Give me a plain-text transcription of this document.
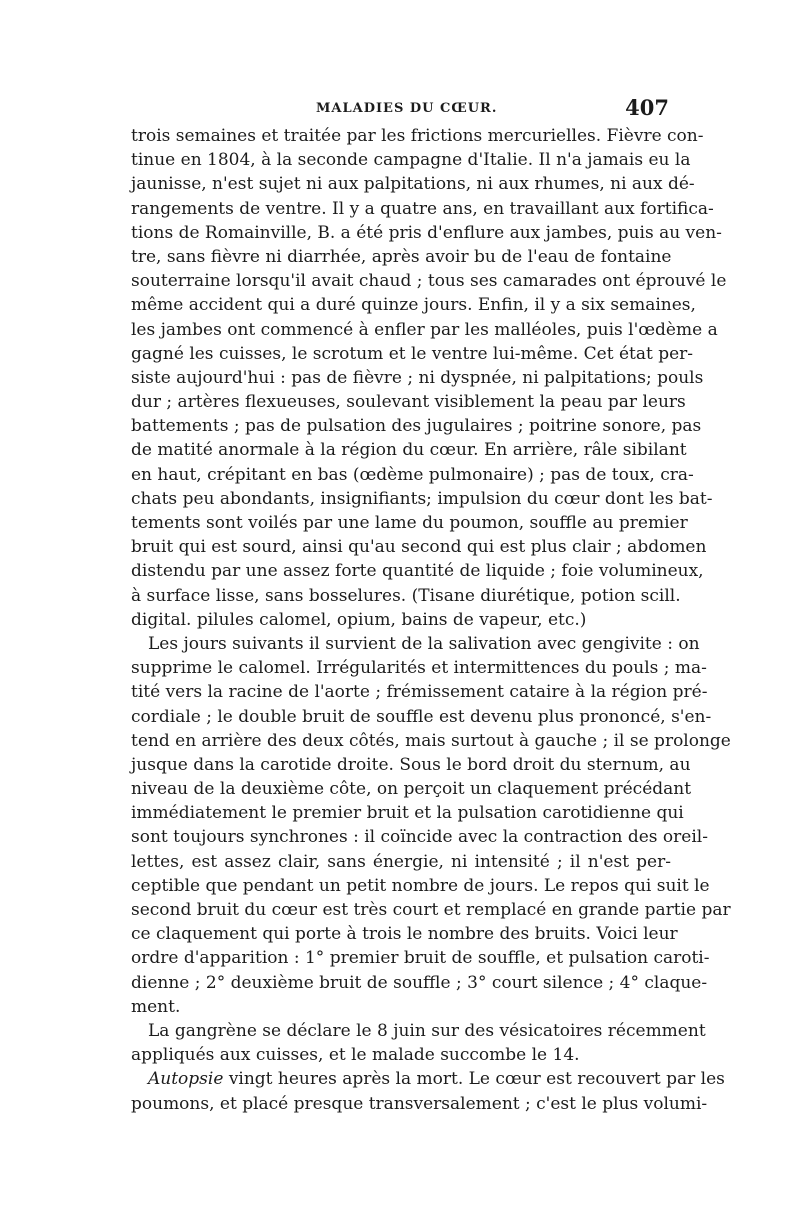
MALADIES DU CŒUR.	407
trois semaines et traitée par les frictions mercurielles. Fièvre con-
tinue en 1804, à la seconde campagne d'Italie. Il n'a jamais eu la
jaunisse, n'est sujet ni aux palpitations, ni aux rhumes, ni aux dé-
rangements de ventre. Il y a quatre ans, en travaillant aux fortifica-
tions de Romainville, B. a été pris d'enflure aux jambes, puis au ven-
tre, sans fièvre ni diarrhée, après avoir bu de l'eau de fontaine
souterraine lorsqu'il avait chaud ; tous ses camarades ont éprouvé le
même accident qui a duré quinze jours. Enfin, il y a six semaines,
les jambes ont commencé à enfler par les malléoles, puis l'œdème a
gagné les cuisses, le scrotum et le ventre lui-même. Cet état per-
siste aujourd'hui : pas de fièvre ; ni dyspnée, ni palpitations; pouls
dur ; artères flexueuses, soulevant visiblement la peau par leurs
battements ; pas de pulsation des jugulaires ; poitrine sonore, pas
de matité anormale à la région du cœur. En arrière, râle sibilant
en haut, crépitant en bas (œdème pulmonaire) ; pas de toux, cra-
chats peu abondants, insignifiants; impulsion du cœur dont les bat-
tements sont voilés par une lame du poumon, souffle au premier
bruit qui est sourd, ainsi qu'au second qui est plus clair ; abdomen
distendu par une assez forte quantité de liquide ; foie volumineux,
à surface lisse, sans bosselures. (Tisane diurétique, potion scill.
digital. pilules calomel, opium, bains de vapeur, etc.)
Les jours suivants il survient de la salivation avec gengivite : on
supprime le calomel. Irrégularités et intermittences du pouls ; ma-
tité vers la racine de l'aorte ; frémissement cataire à la région pré-
cordiale ; le double bruit de souffle est devenu plus prononcé, s'en-
tend en arrière des deux côtés, mais surtout à gauche ; il se prolonge
jusque dans la carotide droite. Sous le bord droit du sternum, au
niveau de la deuxième côte, on perçoit un claquement précédant
immédiatement le premier bruit et la pulsation carotidienne qui
sont toujours synchrones : il coïncide avec la contraction des oreil-
lettes, est assez clair, sans énergie, ni intensité ; il n'est per-
ceptible que pendant un petit nombre de jours. Le repos qui suit le
second bruit du cœur est très court et remplacé en grande partie par
ce claquement qui porte à trois le nombre des bruits. Voici leur
ordre d'apparition : 1° premier bruit de souffle, et pulsation caroti-
dienne ; 2° deuxième bruit de souffle ; 3° court silence ; 4° claque-
ment.
La gangrène se déclare le 8 juin sur des vésicatoires récemment
appliqués aux cuisses, et le malade succombe le 14.
Autopsie vingt heures après la mort. Le cœur est recouvert par les
poumons, et placé presque transversalement ; c'est le plus volumi-
